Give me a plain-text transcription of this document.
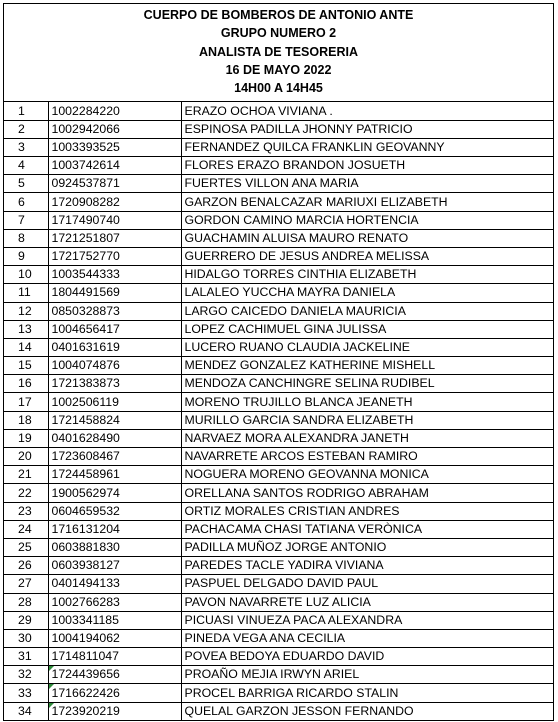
CUERPO DE BOMBEROS DE ANTONIO ANTE
GRUPO NUMERO 2
ANALISTA DE TESORERIA
16 DE MAYO 2022
14H00 A 14H45
1	1002284220	ERAZO OCHOA VIVIANA .
2	1002942066	ESPINOSA PADILLA JHONNY PATRICIO
3	1003393525	FERNANDEZ QUILCA FRANKLIN GEOVANNY
4	1003742614	FLORES ERAZO BRANDON JOSUETH
5	0924537871	FUERTES VILLON ANA MARIA
6	1720908282	GARZON BENALCAZAR MARIUXI ELIZABETH
7	1717490740	GORDON CAMINO MARCIA HORTENCIA
8	1721251807	GUACHAMIN ALUISA MAURO RENATO
9	1721752770	GUERRERO DE JESUS ANDREA MELISSA
10	1003544333	HIDALGO TORRES CINTHIA ELIZABETH
11	1804491569	LALALEO YUCCHA MAYRA DANIELA
12	0850328873	LARGO CAICEDO DANIELA MAURICIA
13	1004656417	LOPEZ CACHIMUEL GINA JULISSA
14	0401631619	LUCERO RUANO CLAUDIA JACKELINE
15	1004074876	MENDEZ GONZALEZ KATHERINE MISHELL
16	1721383873	MENDOZA CANCHINGRE SELINA RUDIBEL
17	1002506119	MORENO TRUJILLO BLANCA JEANETH
18	1721458824	MURILLO GARCIA SANDRA ELIZABETH
19	0401628490	NARVAEZ MORA ALEXANDRA JANETH
20	1723608467	NAVARRETE ARCOS ESTEBAN RAMIRO
21	1724458961	NOGUERA MORENO GEOVANNA MONICA
22	1900562974	ORELLANA SANTOS RODRIGO ABRAHAM
23	0604659532	ORTIZ MORALES CRISTIAN ANDRES
24	1716131204	PACHACAMA CHASI TATIANA VERÒNICA
25	0603881830	PADILLA MUÑOZ JORGE ANTONIO
26	0603938127	PAREDES TACLE YADIRA VIVIANA
27	0401494133	PASPUEL DELGADO DAVID PAUL
28	1002766283	PAVON NAVARRETE LUZ ALICIA
29	1003341185	PICUASI VINUEZA PACA ALEXANDRA
30	1004194062	PINEDA VEGA ANA CECILIA
31	1714811047	POVEA BEDOYA EDUARDO DAVID
32	1724439656	PROAÑO MEJIA IRWYN ARIEL
33	1716622426	PROCEL BARRIGA RICARDO STALIN
34	1723920219	QUELAL GARZON JESSON FERNANDO
